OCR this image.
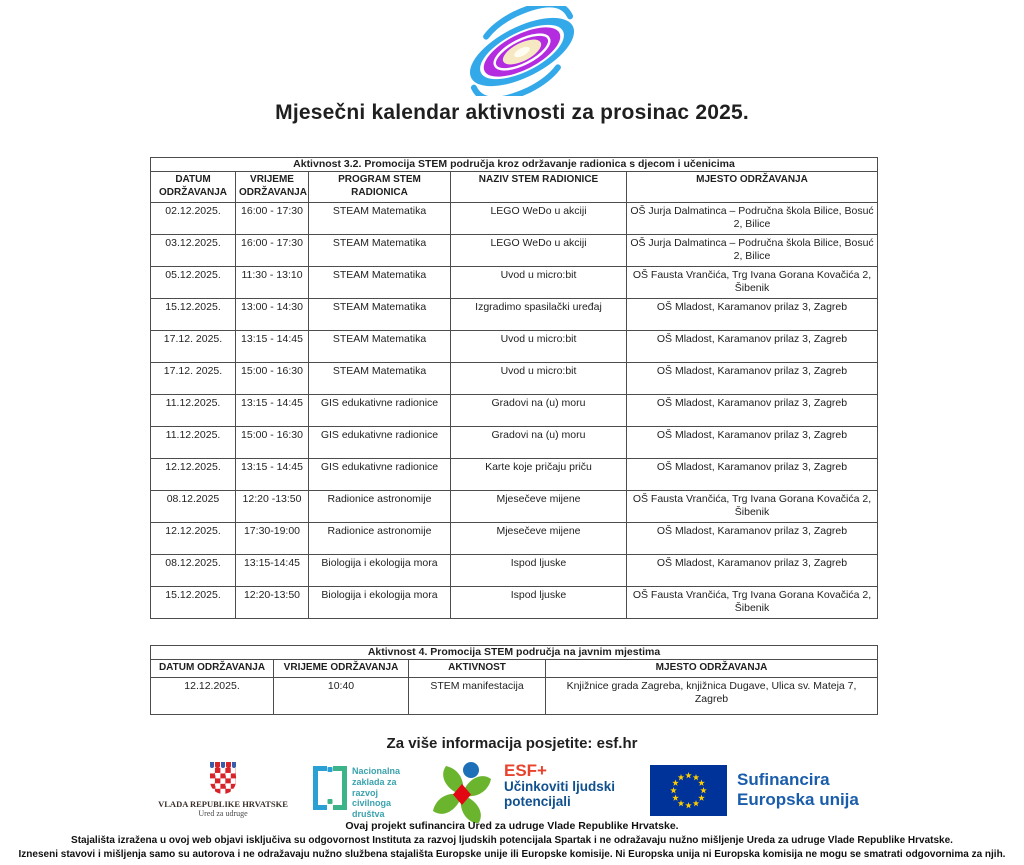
Mjesečni kalendar aktivnosti za prosinac 2025.
Aktivnost 3.2. Promocija STEM područja kroz održavanje radionica s djecom i učenicima				
DATUM ODRŽAVANJA	VRIJEME ODRŽAVANJA	PROGRAM STEM RADIONICA	NAZIV STEM RADIONICE	MJESTO ODRŽAVANJA
02.12.2025.	16:00 - 17:30	STEAM Matematika	LEGO WeDo u akciji	OŠ Jurja Dalmatinca – Područna škola Bilice, Bosuć 2, Bilice
03.12.2025.	16:00 - 17:30	STEAM Matematika	LEGO WeDo u akciji	OŠ Jurja Dalmatinca – Područna škola Bilice, Bosuć 2, Bilice
05.12.2025.	11:30 - 13:10	STEAM Matematika	Uvod u micro:bit	OŠ Fausta Vrančića, Trg Ivana Gorana Kovačića 2, Šibenik
15.12.2025.	13:00 - 14:30	STEAM Matematika	Izgradimo spasilački uređaj	OŠ Mladost, Karamanov prilaz 3, Zagreb
17.12. 2025.	13:15 - 14:45	STEAM Matematika	Uvod u micro:bit	OŠ Mladost, Karamanov prilaz 3, Zagreb
17.12. 2025.	15:00 - 16:30	STEAM Matematika	Uvod u micro:bit	OŠ Mladost, Karamanov prilaz 3, Zagreb
11.12.2025.	13:15 - 14:45	GIS edukativne radionice	Gradovi na (u) moru	OŠ Mladost, Karamanov prilaz 3, Zagreb
11.12.2025.	15:00 - 16:30	GIS edukativne radionice	Gradovi na (u) moru	OŠ Mladost, Karamanov prilaz 3, Zagreb
12.12.2025.	13:15 - 14:45	GIS edukativne radionice	Karte koje pričaju priču	OŠ Mladost, Karamanov prilaz 3, Zagreb
08.12.2025	12:20 -13:50	Radionice astronomije	Mjesečeve mijene	OŠ Fausta Vrančića, Trg Ivana Gorana Kovačića 2, Šibenik
12.12.2025.	17:30-19:00	Radionice astronomije	Mjesečeve mijene	OŠ Mladost, Karamanov prilaz 3, Zagreb
08.12.2025.	13:15-14:45	Biologija i ekologija mora	Ispod ljuske	OŠ Mladost, Karamanov prilaz 3, Zagreb
15.12.2025.	12:20-13:50	Biologija i ekologija mora	Ispod ljuske	OŠ Fausta Vrančića, Trg Ivana Gorana Kovačića 2, Šibenik
Aktivnost 4. Promocija STEM područja na javnim mjestima			
DATUM ODRŽAVANJA	VRIJEME ODRŽAVANJA	AKTIVNOST	MJESTO ODRŽAVANJA
12.12.2025.	10:40	STEM manifestacija	Knjižnice grada Zagreba, knjižnica Dugave, Ulica sv. Mateja 7, Zagreb
Za više informacija posjetite: esf.hr
VLADA REPUBLIKE HRVATSKE
Ured za udruge
Nacionalna
zaklada za
razvoj
civilnoga
društva
ESF+
Učinkoviti ljudski
potencijali
Sufinancira
Europska unija
Ovaj projekt sufinancira Ured za udruge Vlade Republike Hrvatske.
Stajališta izražena u ovoj web objavi isključiva su odgovornost Instituta za razvoj ljudskih potencijala Spartak i ne odražavaju nužno mišljenje Ureda za udruge Vlade Republike Hrvatske.
Izneseni stavovi i mišljenja samo su autorova i ne odražavaju nužno službena stajališta Europske unije ili Europske komisije. Ni Europska unija ni Europska komisija ne mogu se smatrati odgovornima za njih.
